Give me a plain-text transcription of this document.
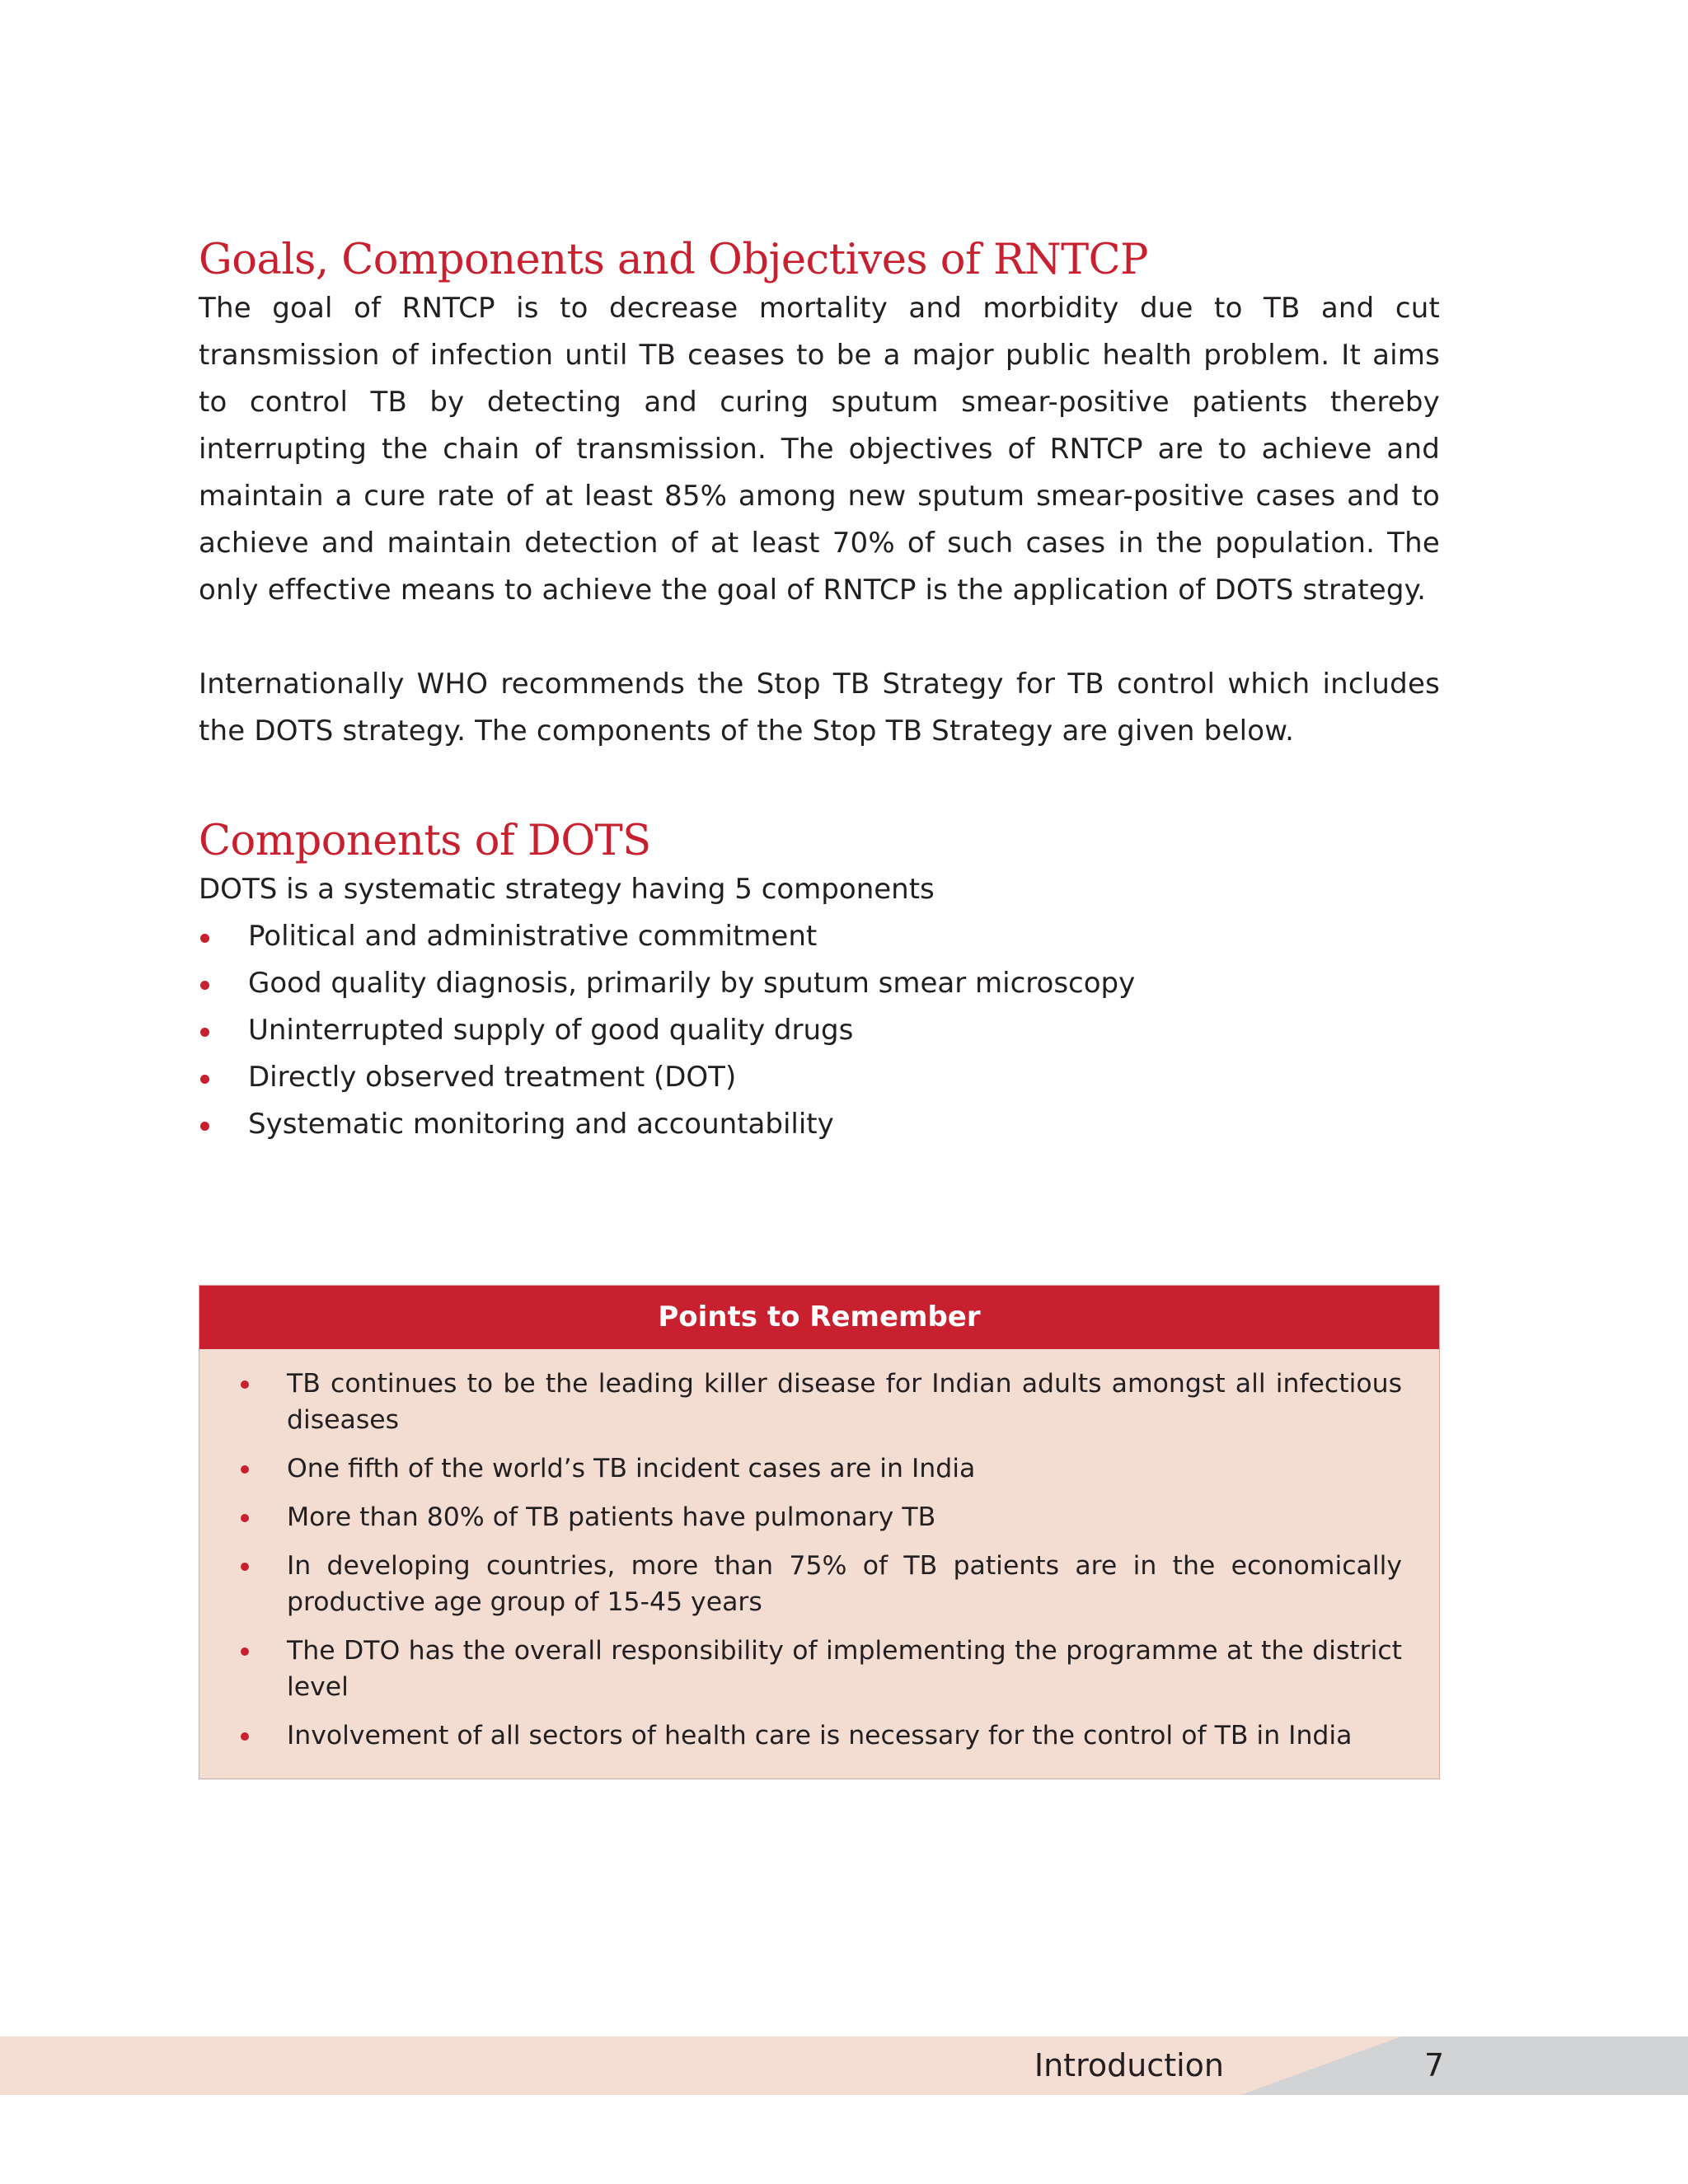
Goals, Components and Objectives of RNTCP

The goal of RNTCP is to decrease mortality and morbidity due to TB and cut transmission of infection until TB ceases to be a major public health problem. It aims to control TB by detecting and curing sputum smear-positive patients thereby interrupting the chain of transmission. The objectives of RNTCP are to achieve and maintain a cure rate of at least 85% among new sputum smear-positive cases and to achieve and maintain detection of at least 70% of such cases in the population. The only effective means to achieve the goal of RNTCP is the application of DOTS strategy.

Internationally WHO recommends the Stop TB Strategy for TB control which includes the DOTS strategy. The components of the Stop TB Strategy are given below.

Components of DOTS

DOTS is a systematic strategy having 5 components

Political and administrative commitment
Good quality diagnosis, primarily by sputum smear microscopy
Uninterrupted supply of good quality drugs
Directly observed treatment (DOT)
Systematic monitoring and accountability
Points to Remember
TB continues to be the leading killer disease for Indian adults amongst all infectious diseases
One fifth of the world’s TB incident cases are in India
More than 80% of TB patients have pulmonary TB
In developing countries, more than 75% of TB patients are in the economically productive age group of 15-45 years
The DTO has the overall responsibility of implementing the programme at the district level
Involvement of all sectors of health care is necessary for the control of TB in India
Introduction	7
